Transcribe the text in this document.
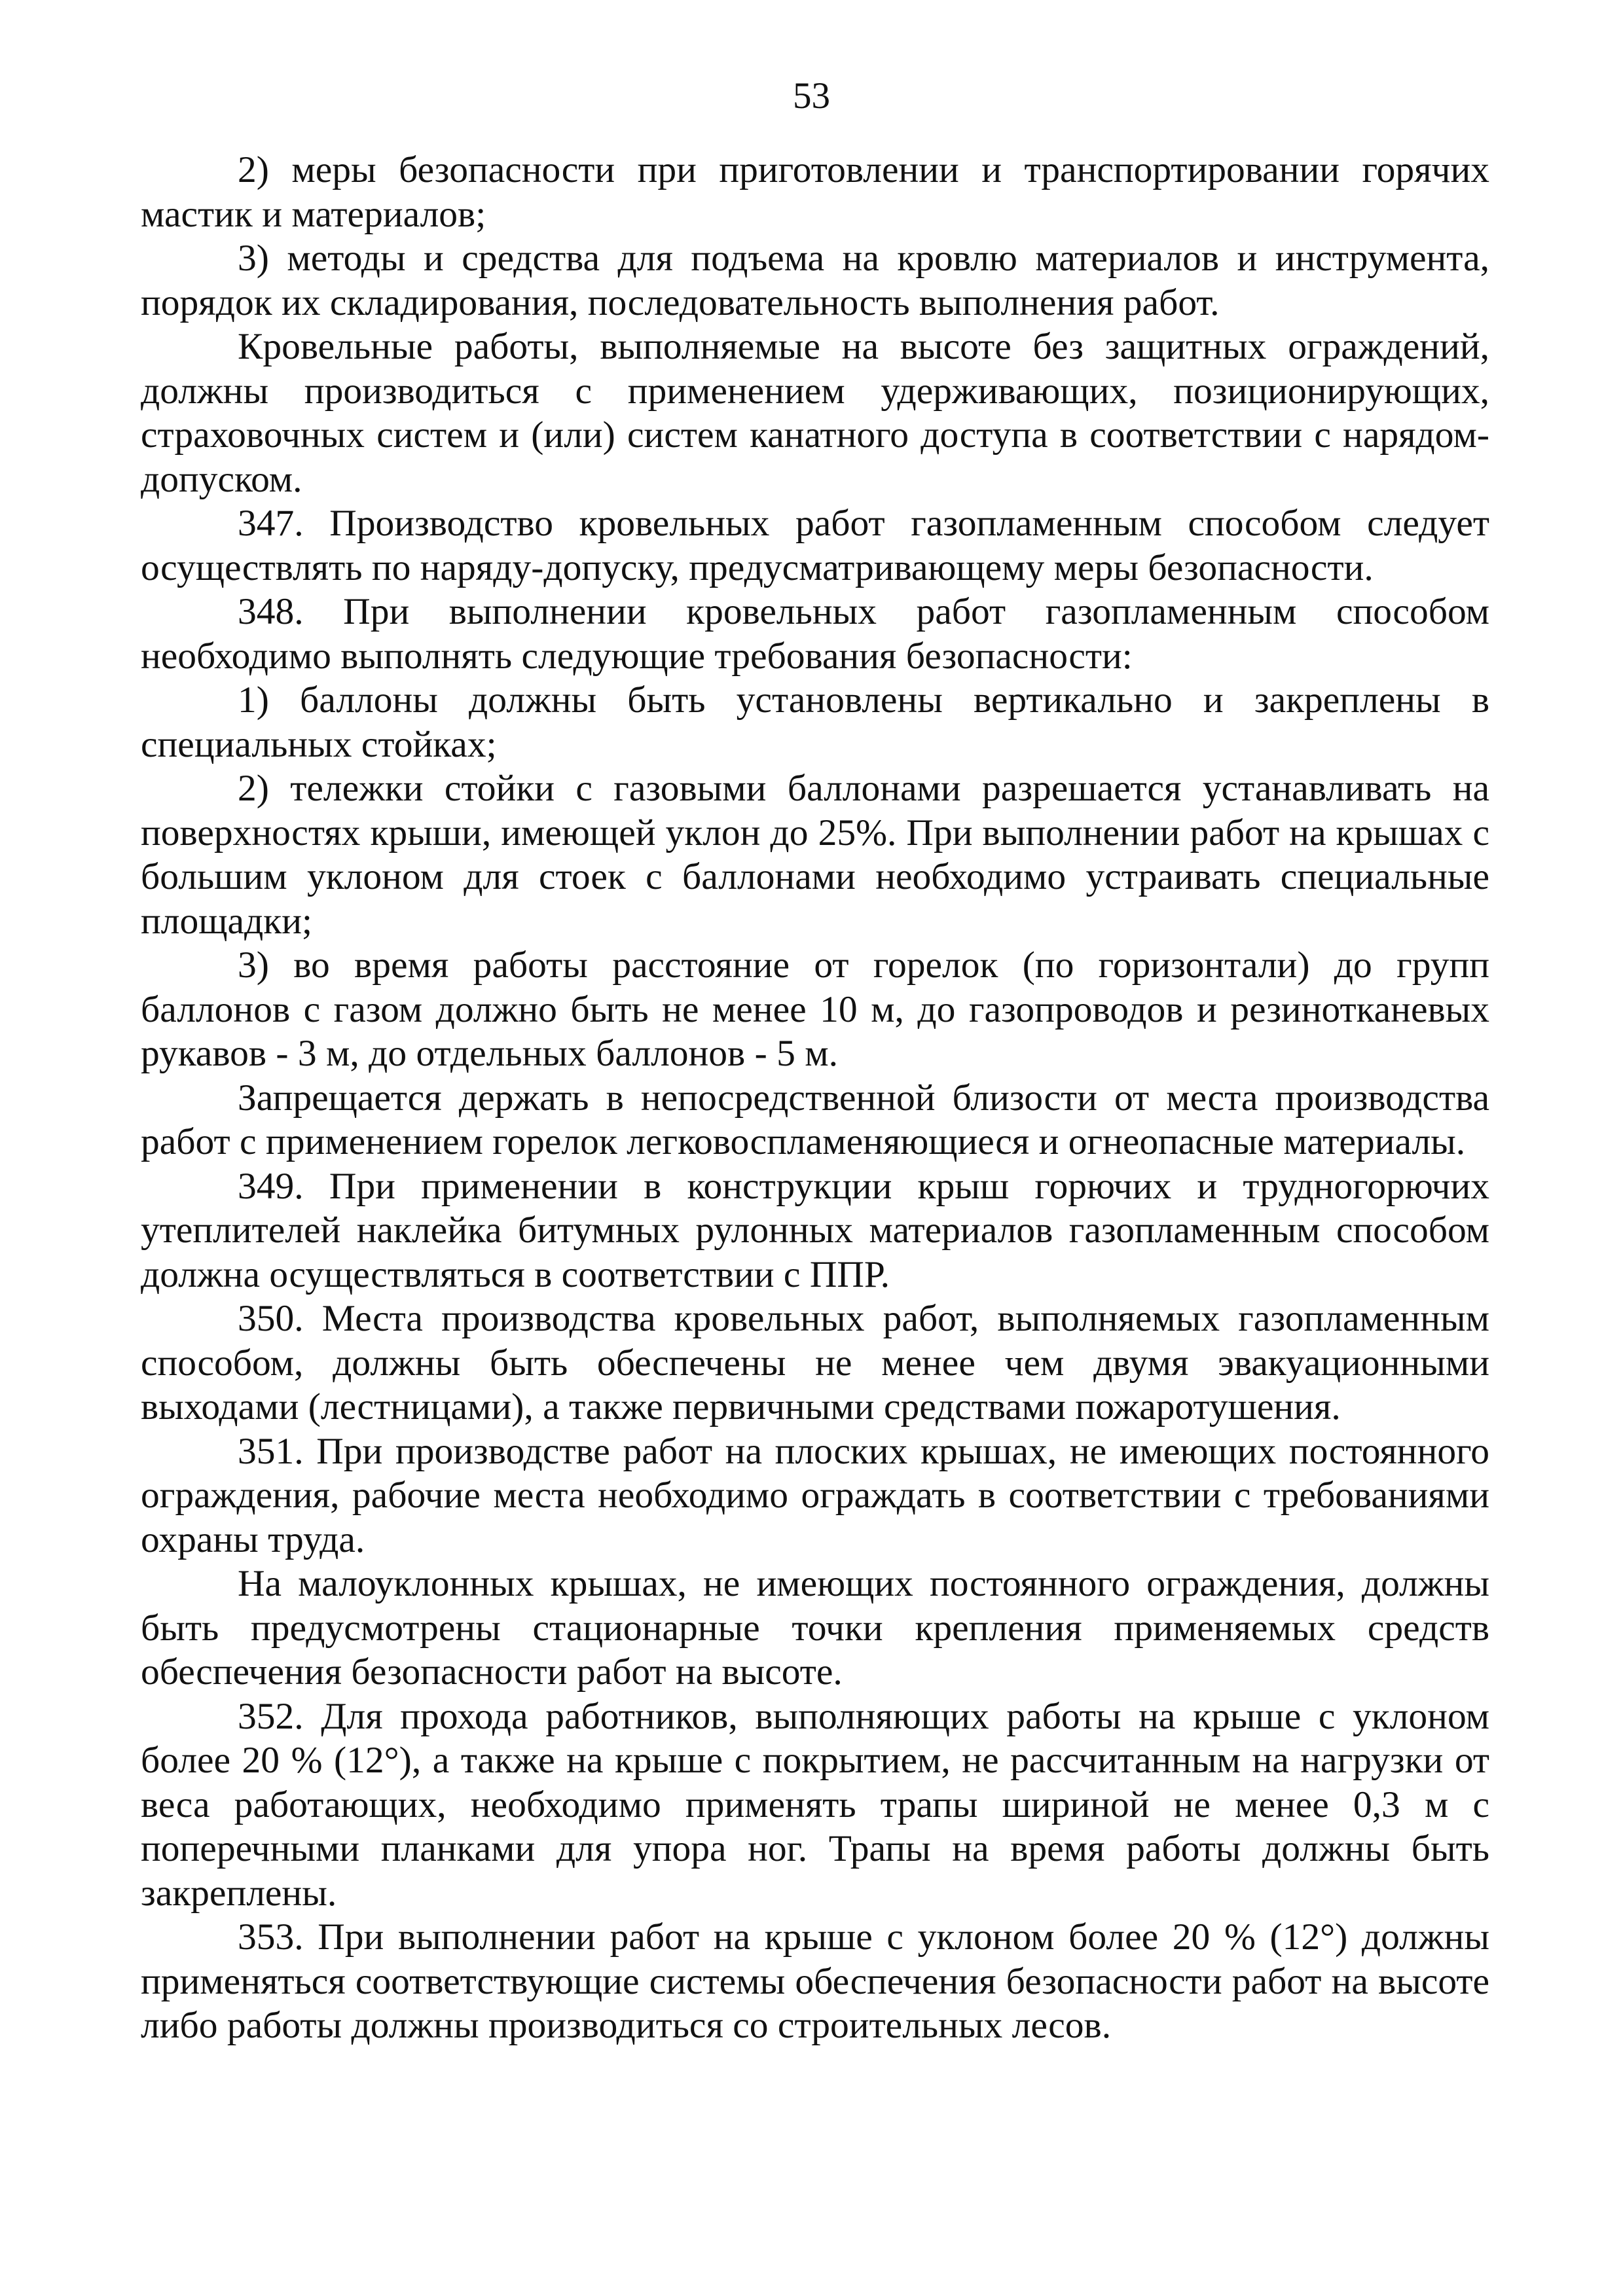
53

2) меры безопасности при приготовлении и транспортировании горячих мастик и материалов;

3) методы и средства для подъема на кровлю материалов и инструмента, порядок их складирования, последовательность выполнения работ.

Кровельные работы, выполняемые на высоте без защитных ограждений, должны производиться с применением удерживающих, позиционирующих, страховочных систем и (или) систем канатного доступа в соответствии с нарядом-допуском.

347. Производство кровельных работ газопламенным способом следует осуществлять по наряду-допуску, предусматривающему меры безопасности.

348. При выполнении кровельных работ газопламенным способом необходимо выполнять следующие требования безопасности:

1) баллоны должны быть установлены вертикально и закреплены в специальных стойках;

2) тележки стойки с газовыми баллонами разрешается устанавливать на поверхностях крыши, имеющей уклон до 25%. При выполнении работ на крышах с большим уклоном для стоек с баллонами необходимо устраивать специальные площадки;

3) во время работы расстояние от горелок (по горизонтали) до групп баллонов с газом должно быть не менее 10 м, до газопроводов и резинотканевых рукавов - 3 м, до отдельных баллонов - 5 м.

Запрещается держать в непосредственной близости от места производства работ с применением горелок легковоспламеняющиеся и огнеопасные материалы.

349. При применении в конструкции крыш горючих и трудногорючих утеплителей наклейка битумных рулонных материалов газопламенным способом должна осуществляться в соответствии с ППР.

350. Места производства кровельных работ, выполняемых газопламенным способом, должны быть обеспечены не менее чем двумя эвакуационными выходами (лестницами), а также первичными средствами пожаротушения.

351. При производстве работ на плоских крышах, не имеющих постоянного ограждения, рабочие места необходимо ограждать в соответствии с требованиями охраны труда.

На малоуклонных крышах, не имеющих постоянного ограждения, должны быть предусмотрены стационарные точки крепления применяемых средств обеспечения безопасности работ на высоте.

352. Для прохода работников, выполняющих работы на крыше с уклоном более 20 % (12°), а также на крыше с покрытием, не рассчитанным на нагрузки от веса работающих, необходимо применять трапы шириной не менее 0,3 м с поперечными планками для упора ног. Трапы на время работы должны быть закреплены.

353. При выполнении работ на крыше с уклоном более 20 % (12°) должны применяться соответствующие системы обеспечения безопасности работ на высоте либо работы должны производиться со строительных лесов.
